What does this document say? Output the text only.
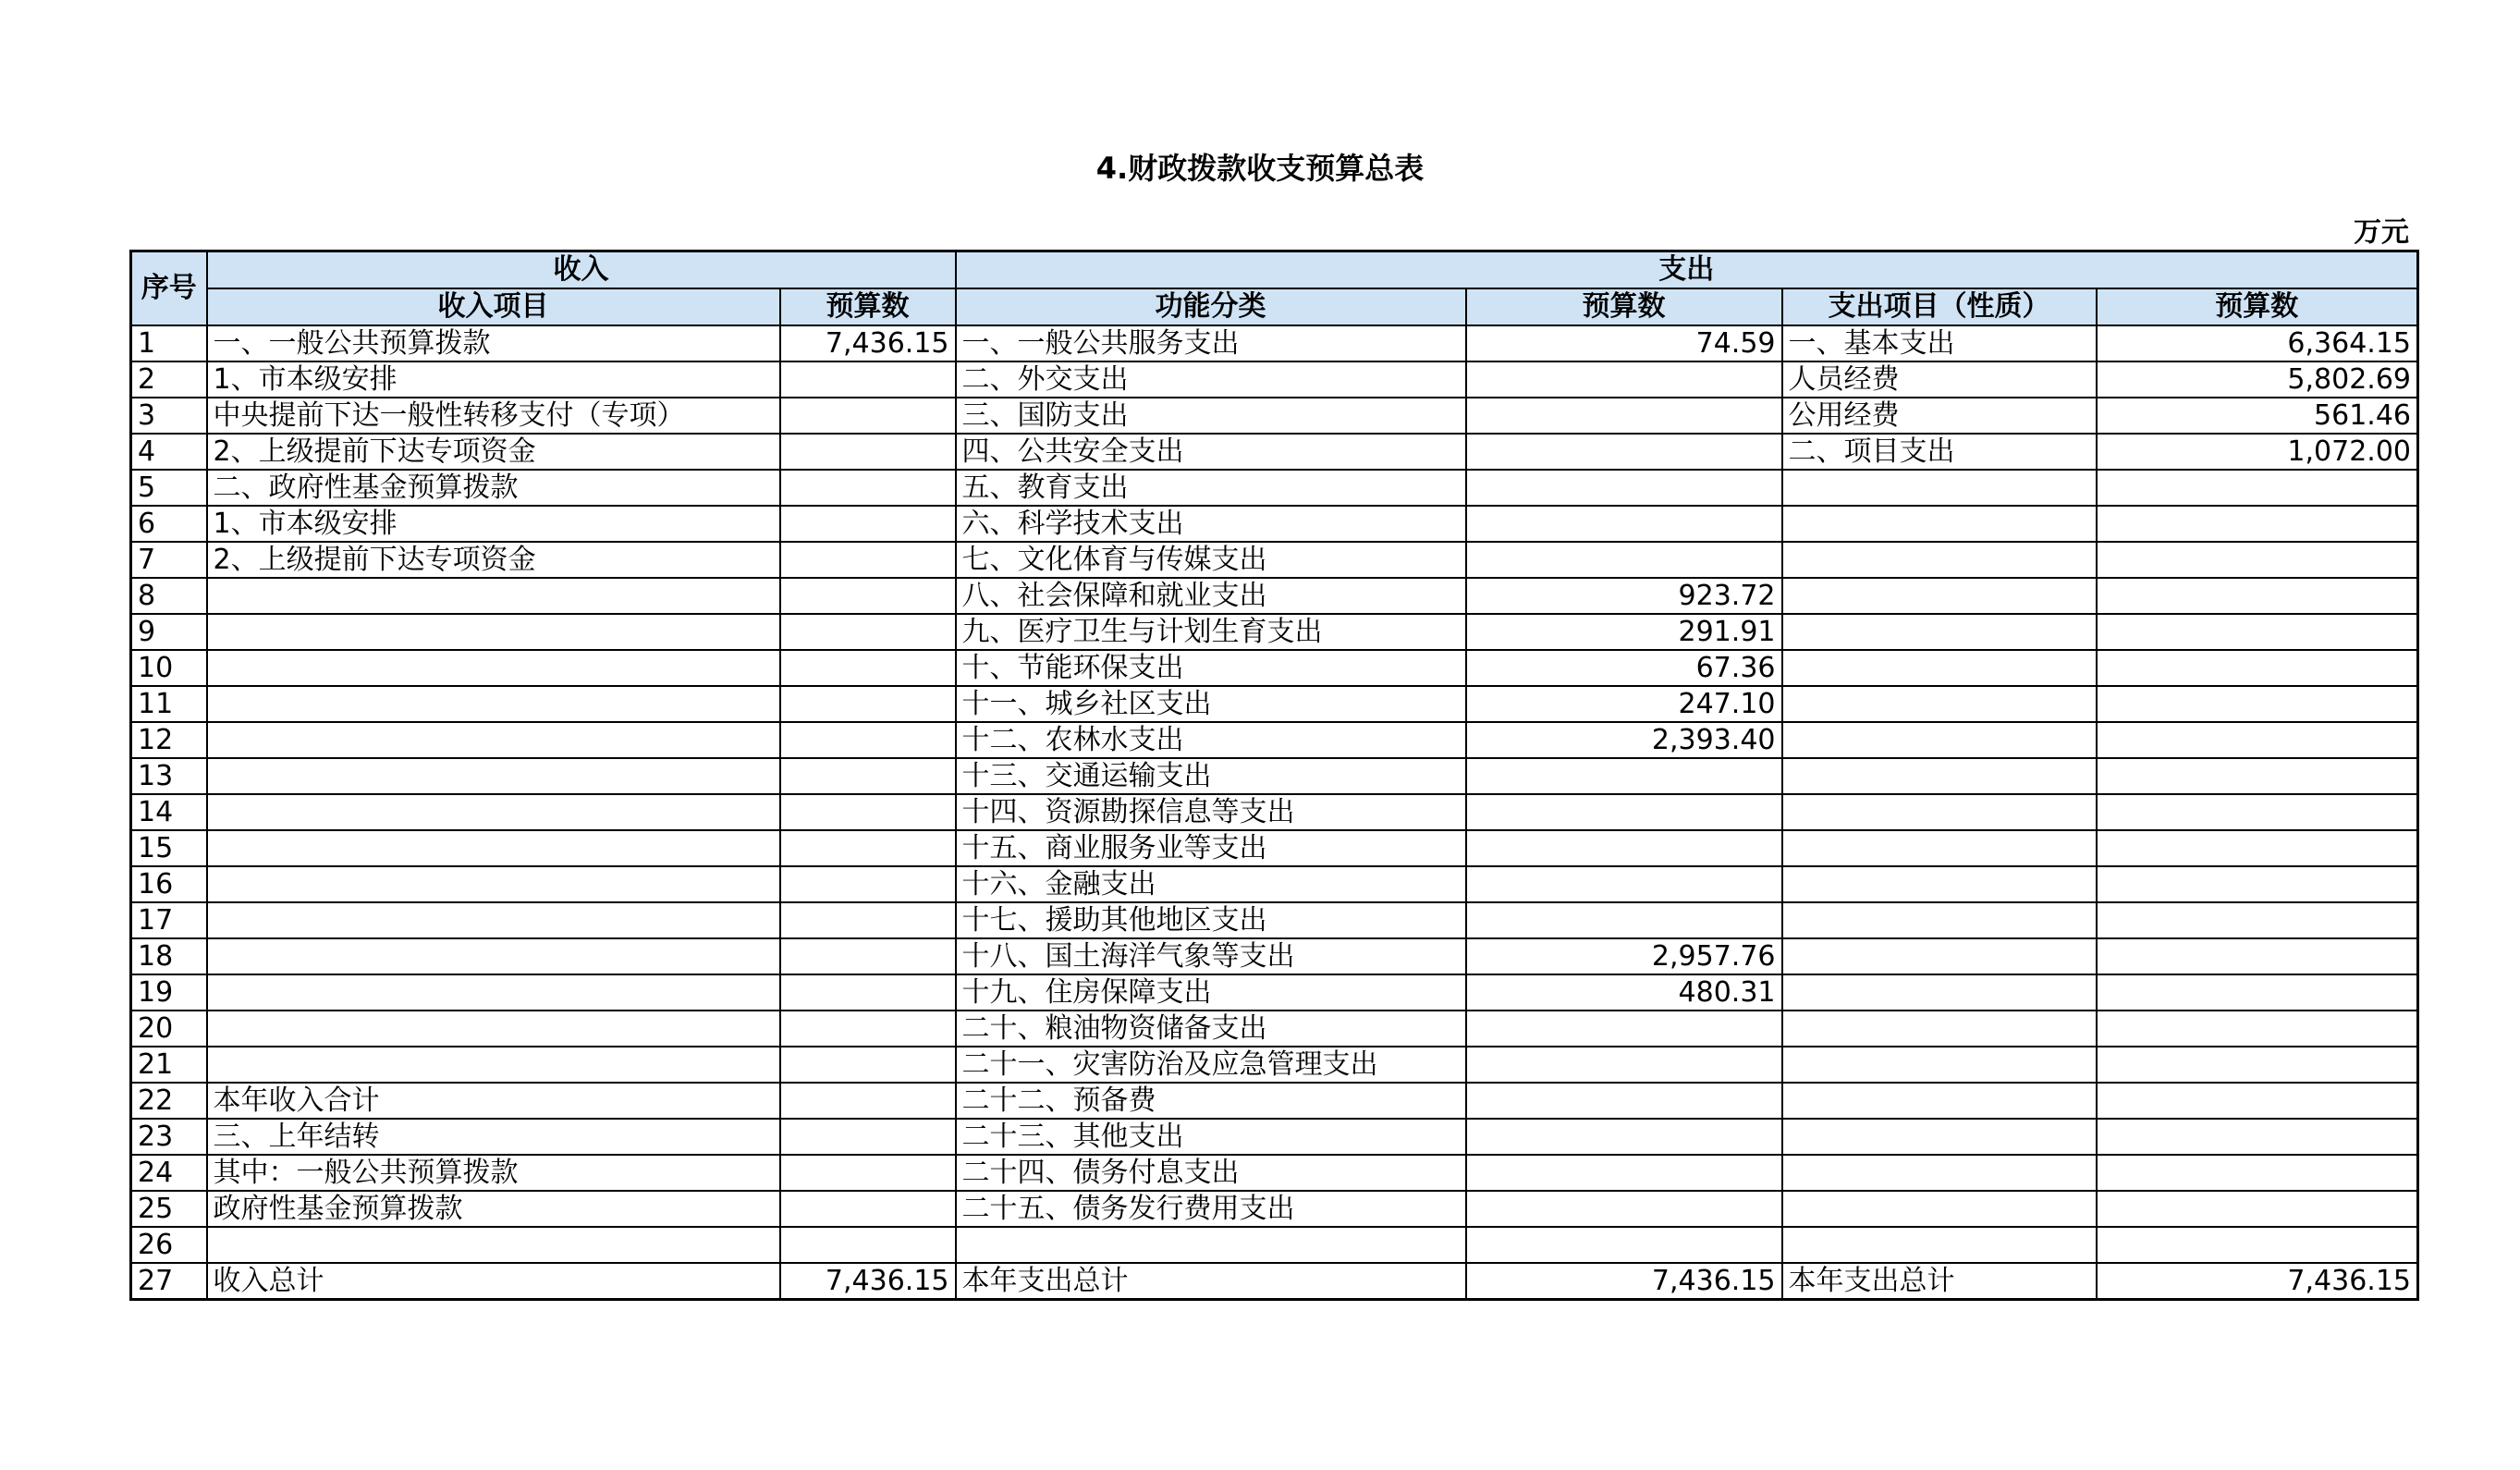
4.财政拨款收支预算总表
万元
序号	收入		支出			
	收入项目	预算数	功能分类	预算数	支出项目（性质）	预算数
1	一、一般公共预算拨款	7,436.15	一、一般公共服务支出	74.59	一、基本支出	6,364.15
2	1、市本级安排		二、外交支出		人员经费	5,802.69
3	中央提前下达一般性转移支付（专项）		三、国防支出		公用经费	561.46
4	2、上级提前下达专项资金		四、公共安全支出		二、项目支出	1,072.00
5	二、政府性基金预算拨款		五、教育支出			
6	1、市本级安排		六、科学技术支出			
7	2、上级提前下达专项资金		七、文化体育与传媒支出			
8			八、社会保障和就业支出	923.72		
9			九、医疗卫生与计划生育支出	291.91		
10			十、节能环保支出	67.36		
11			十一、城乡社区支出	247.10		
12			十二、农林水支出	2,393.40		
13			十三、交通运输支出			
14			十四、资源勘探信息等支出			
15			十五、商业服务业等支出			
16			十六、金融支出			
17			十七、援助其他地区支出			
18			十八、国土海洋气象等支出	2,957.76		
19			十九、住房保障支出	480.31		
20			二十、粮油物资储备支出			
21			二十一、灾害防治及应急管理支出			
22	本年收入合计		二十二、预备费			
23	三、上年结转		二十三、其他支出			
24	其中：一般公共预算拨款		二十四、债务付息支出			
25	政府性基金预算拨款		二十五、债务发行费用支出			
26						
27	收入总计	7,436.15	本年支出总计	7,436.15	本年支出总计	7,436.15
